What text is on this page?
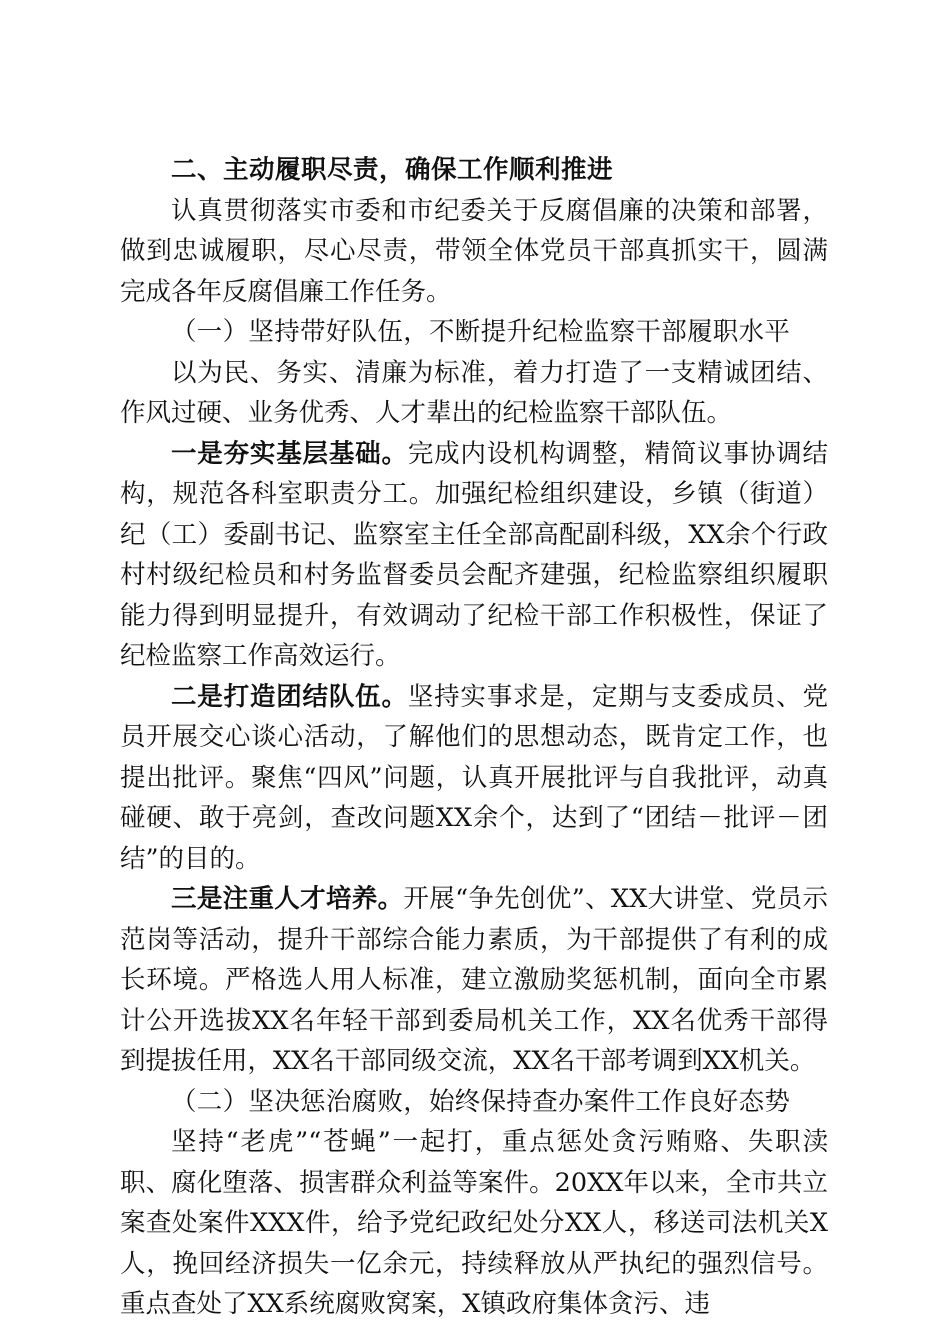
二、主动履职尽责，确保工作顺利推进

认真贯彻落实市委和市纪委关于反腐倡廉的决策和部署，做到忠诚履职，尽心尽责，带领全体党员干部真抓实干，圆满完成各年反腐倡廉工作任务。

（一）坚持带好队伍，不断提升纪检监察干部履职水平

以为民、务实、清廉为标准，着力打造了一支精诚团结、作风过硬、业务优秀、人才辈出的纪检监察干部队伍。

一是夯实基层基础。完成内设机构调整，精简议事协调结构，规范各科室职责分工。加强纪检组织建设，乡镇（街道）纪（工）委副书记、监察室主任全部高配副科级，XX余个行政村村级纪检员和村务监督委员会配齐建强，纪检监察组织履职能力得到明显提升，有效调动了纪检干部工作积极性，保证了纪检监察工作高效运行。

二是打造团结队伍。坚持实事求是，定期与支委成员、党员开展交心谈心活动，了解他们的思想动态，既肯定工作，也提出批评。聚焦“四风”问题，认真开展批评与自我批评，动真碰硬、敢于亮剑，查改问题XX余个，达到了“团结－批评－团结”的目的。

三是注重人才培养。开展“争先创优”、XX大讲堂、党员示范岗等活动，提升干部综合能力素质，为干部提供了有利的成长环境。严格选人用人标准，建立激励奖惩机制，面向全市累计公开选拔XX名年轻干部到委局机关工作，XX名优秀干部得到提拔任用，XX名干部同级交流，XX名干部考调到XX机关。

（二）坚决惩治腐败，始终保持查办案件工作良好态势

坚持“老虎”“苍蝇”一起打，重点惩处贪污贿赂、失职渎职、腐化堕落、损害群众利益等案件。20XX年以来，全市共立案查处案件XXX件，给予党纪政纪处分XX人，移送司法机关X人，挽回经济损失一亿余元，持续释放从严执纪的强烈信号。重点查处了XX系统腐败窝案，X镇政府集体贪污、违
